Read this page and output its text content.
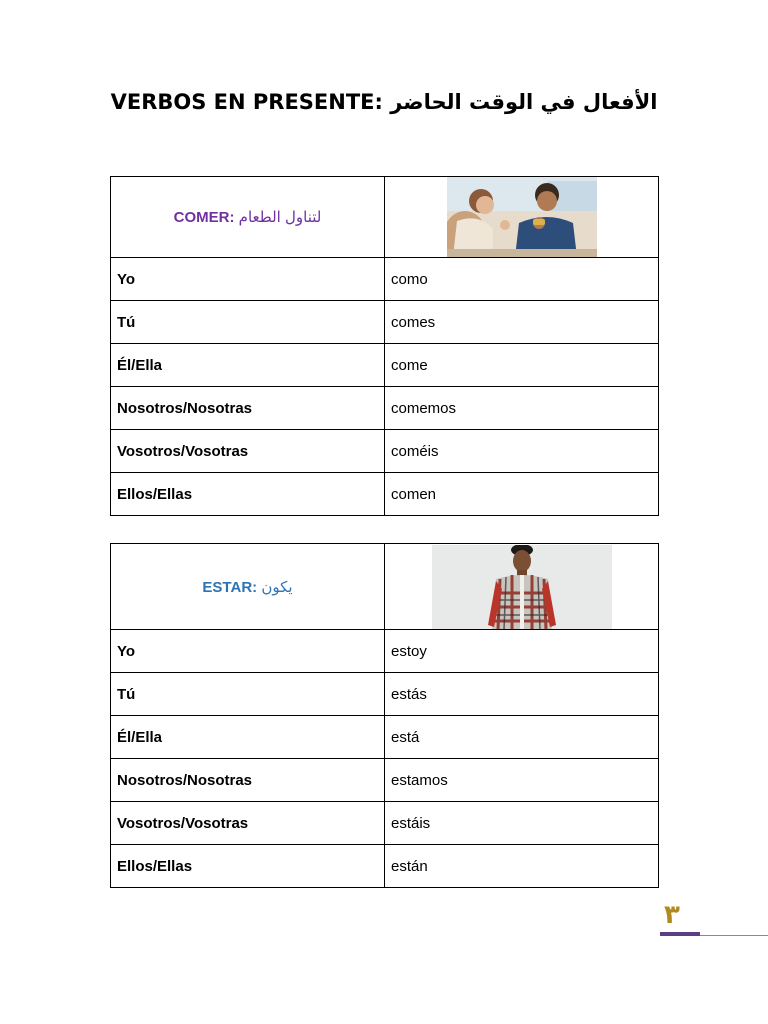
VERBOS EN PRESENTE: الأفعال في الوقت الحاضر
COMER: لتناول الطعام	

Yo	como
Tú	comes
Él/Ella	come
Nosotros/Nosotras	comemos
Vosotros/Vosotras	coméis
Ellos/Ellas	comen
ESTAR: يكون	

Yo	estoy
Tú	estás
Él/Ella	está
Nosotros/Nosotras	estamos
Vosotros/Vosotras	estáis
Ellos/Ellas	están
٣
